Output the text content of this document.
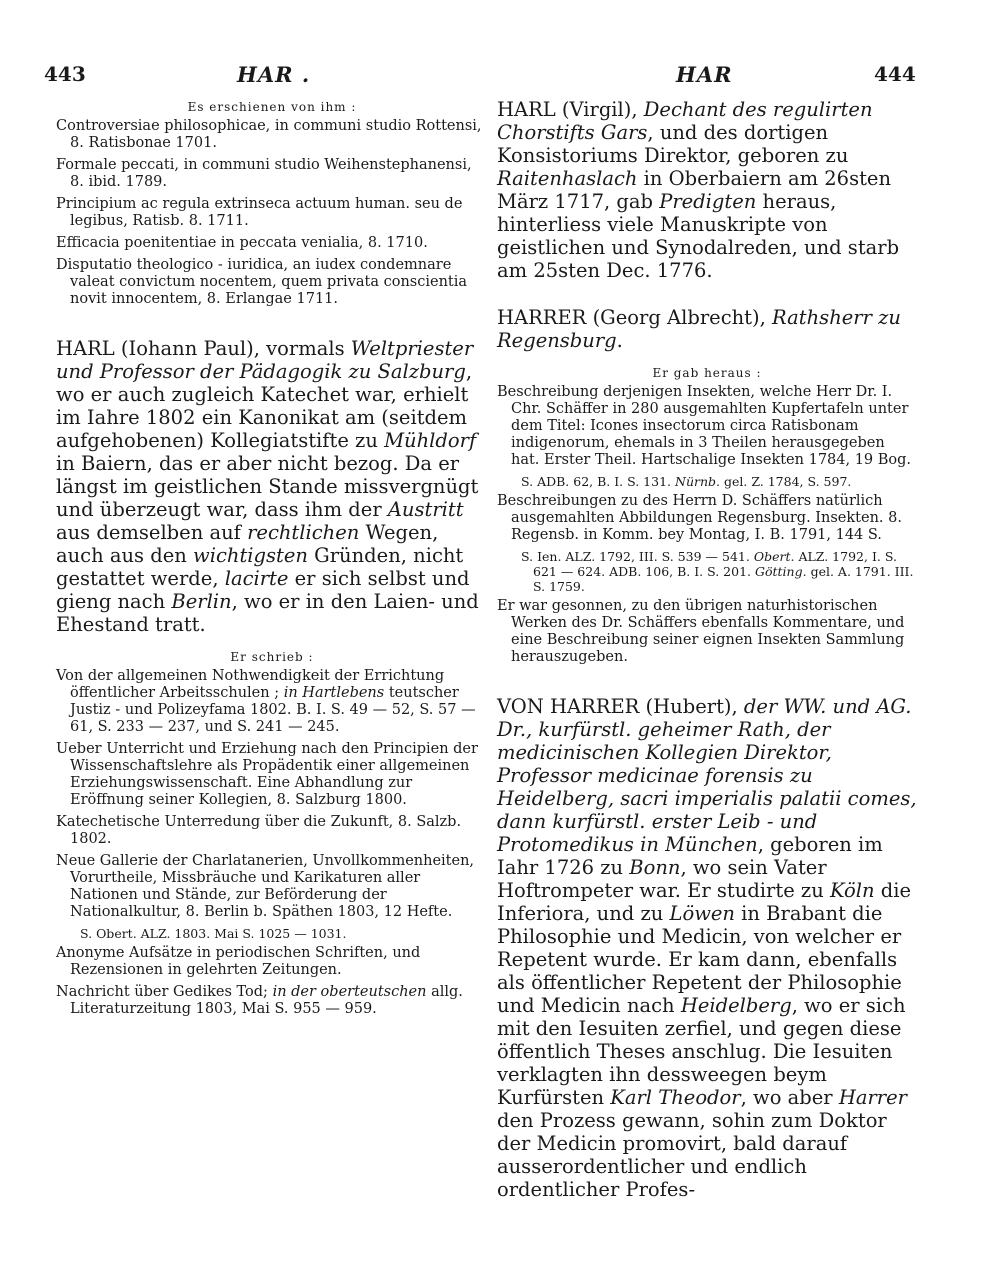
443	HAR .	HAR	444
Es erschienen von ihm :

Controversiae philosophicae, in communi studio Rottensi, 8. Ratisbonae 1701.

Formale peccati, in communi studio Weihenstephanensi, 8. ibid. 1789.

Principium ac regula extrinseca actuum human. seu de legibus, Ratisb. 8. 1711.

Efficacia poenitentiae in peccata venialia, 8. 1710.

Disputatio theologico - iuridica, an iudex condemnare valeat convictum nocentem, quem privata conscientia novit innocentem, 8. Erlangae 1711.

HARL (Iohann Paul), vormals Weltpriester und Professor der Pädagogik zu Salzburg, wo er auch zugleich Katechet war, erhielt im Iahre 1802 ein Kanonikat am (seitdem aufgehobenen) Kollegiatstifte zu Mühldorf in Baiern, das er aber nicht bezog. Da er längst im geistlichen Stande missvergnügt und überzeugt war, dass ihm der Austritt aus demselben auf rechtlichen Wegen, auch aus den wichtigsten Gründen, nicht gestattet werde, lacirte er sich selbst und gieng nach Berlin, wo er in den Laien- und Ehestand tratt.

Er schrieb :

Von der allgemeinen Nothwendigkeit der Errichtung öffentlicher Arbeitsschulen ; in Hartlebens teutscher Justiz - und Polizeyfama 1802. B. I. S. 49 — 52, S. 57 — 61, S. 233 — 237, und S. 241 — 245.

Ueber Unterricht und Erziehung nach den Principien der Wissenschaftslehre als Propädentik einer allgemeinen Erziehungswissenschaft. Eine Abhandlung zur Eröffnung seiner Kollegien, 8. Salzburg 1800.

Katechetische Unterredung über die Zukunft, 8. Salzb. 1802.

Neue Gallerie der Charlatanerien, Unvollkommenheiten, Vorurtheile, Missbräuche und Karikaturen aller Nationen und Stände, zur Beförderung der Nationalkultur, 8. Berlin b. Späthen 1803, 12 Hefte.

S. Obert. ALZ. 1803. Mai S. 1025 — 1031.

Anonyme Aufsätze in periodischen Schriften, und Rezensionen in gelehrten Zeitungen.

Nachricht über Gedikes Tod; in der oberteutschen allg. Literaturzeitung 1803, Mai S. 955 — 959.

HARL (Virgil), Dechant des regulirten Chorstifts Gars, und des dortigen Konsistoriums Direktor, geboren zu Raitenhaslach in Oberbaiern am 26sten März 1717, gab Predigten heraus, hinterliess viele Manuskripte von geistlichen und Synodalreden, und starb am 25sten Dec. 1776.

HARRER (Georg Albrecht), Rathsherr zu Regensburg.

Er gab heraus :

Beschreibung derjenigen Insekten, welche Herr Dr. I. Chr. Schäffer in 280 ausgemahlten Kupfertafeln unter dem Titel: Icones insectorum circa Ratisbonam indigenorum, ehemals in 3 Theilen herausgegeben hat. Erster Theil. Hartschalige Insekten 1784, 19 Bog.

S. ADB. 62, B. I. S. 131. Nürnb. gel. Z. 1784, S. 597.

Beschreibungen zu des Herrn D. Schäffers natürlich ausgemahlten Abbildungen Regensburg. Insekten. 8. Regensb. in Komm. bey Montag, I. B. 1791, 144 S.

S. Ien. ALZ. 1792, III. S. 539 — 541. Obert. ALZ. 1792, I. S. 621 — 624. ADB. 106, B. I. S. 201. Götting. gel. A. 1791. III. S. 1759.

Er war gesonnen, zu den übrigen naturhistorischen Werken des Dr. Schäffers ebenfalls Kommentare, und eine Beschreibung seiner eignen Insekten Sammlung herauszugeben.

VON HARRER (Hubert), der WW. und AG. Dr., kurfürstl. geheimer Rath, der medicinischen Kollegien Direktor, Professor medicinae forensis zu Heidelberg, sacri imperialis palatii comes, dann kurfürstl. erster Leib - und Protomedikus in München, geboren im Iahr 1726 zu Bonn, wo sein Vater Hoftrompeter war. Er studirte zu Köln die Inferiora, und zu Löwen in Brabant die Philosophie und Medicin, von welcher er Repetent wurde. Er kam dann, ebenfalls als öffentlicher Repetent der Philosophie und Medicin nach Heidelberg, wo er sich mit den Iesuiten zerfiel, und gegen diese öffentlich Theses anschlug. Die Iesuiten verklagten ihn dessweegen beym Kurfürsten Karl Theodor, wo aber Harrer den Prozess gewann, sohin zum Doktor der Medicin promovirt, bald darauf ausserordentlicher und endlich ordentlicher Profes-
